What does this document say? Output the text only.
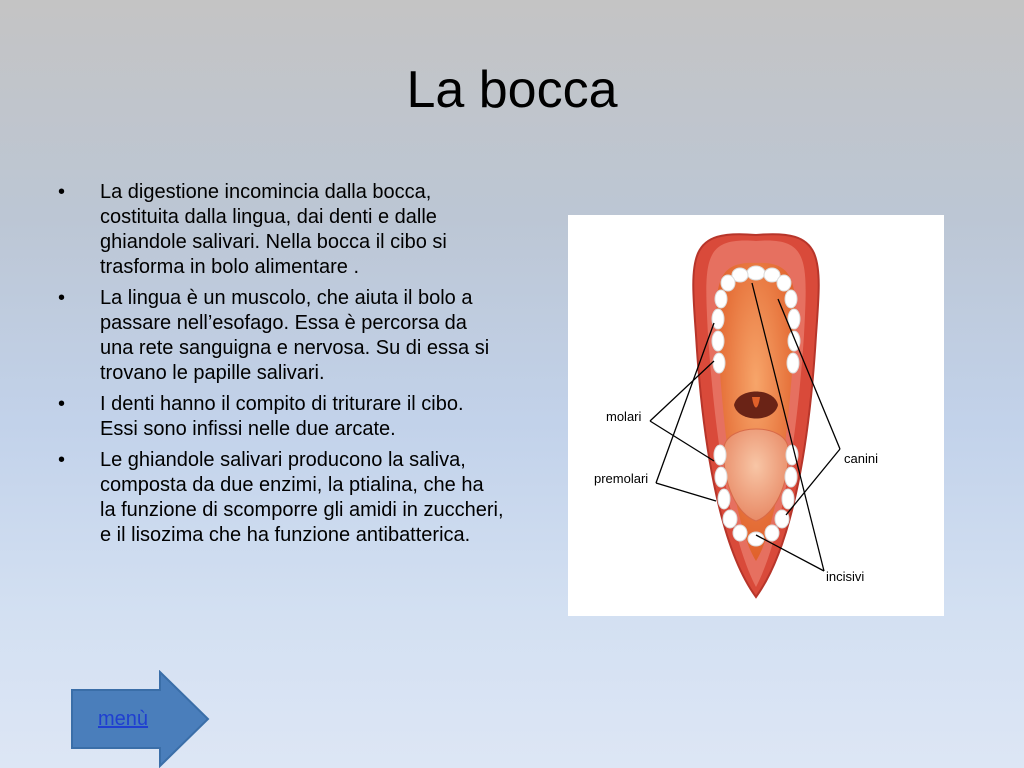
La bocca
• La digestione incomincia dalla bocca, costituita dalla lingua, dai denti e dalle ghiandole salivari. Nella bocca il cibo si trasforma in bolo alimentare .
• La lingua è un muscolo, che aiuta il bolo a passare nell’esofago. Essa è percorsa da una rete sanguigna e nervosa. Su di essa si trovano le papille salivari.
• I denti hanno il compito di triturare il cibo. Essi sono infissi nelle due arcate.
• Le ghiandole salivari producono la saliva, composta da due enzimi, la ptialina, che ha la funzione di scomporre gli amidi in zuccheri, e il lisozima che ha funzione antibatterica.
molari
premolari
canini
incisivi
menù
